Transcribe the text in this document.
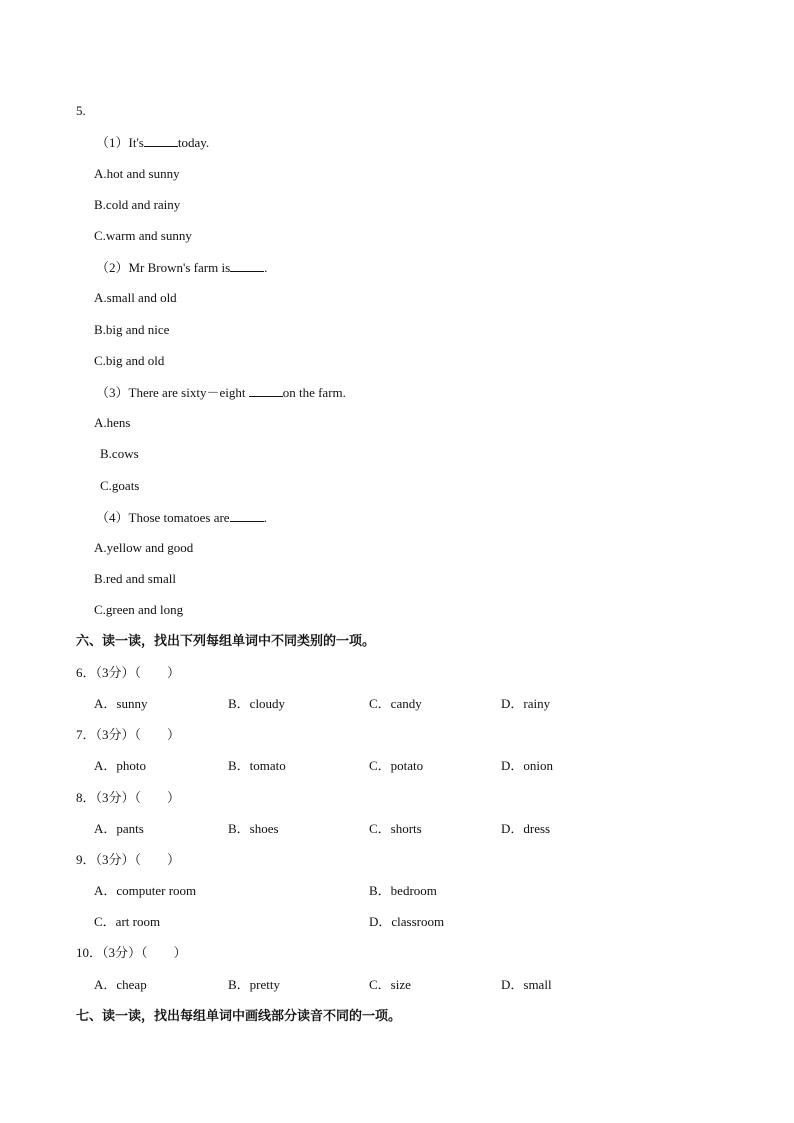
5.
（1）It's	today.
A.hot and sunny
B.cold and rainy
C.warm and sunny
（2）Mr Brown's farm is	.
A.small and old
B.big and nice
C.big and old
（3）There are sixty－eight	on the farm.
A.hens
B.cows
C.goats
（4）Those tomatoes are	.
A.yellow and good
B.red and small
C.green and long
六、读一读，找出下列每组单词中不同类别的一项。
6．（3分）（　　）
A．sunny	B．cloudy	C．candy	D．rainy
7．（3分）（　　）
A．photo	B．tomato	C．potato	D．onion
8．（3分）（　　）
A．pants	B．shoes	C．shorts	D．dress
9．（3分）（　　）
A．computer room	B．bedroom
C．art room	D．classroom
10．（3分）（　　）
A．cheap	B．pretty	C．size	D．small
七、读一读，找出每组单词中画线部分读音不同的一项。
